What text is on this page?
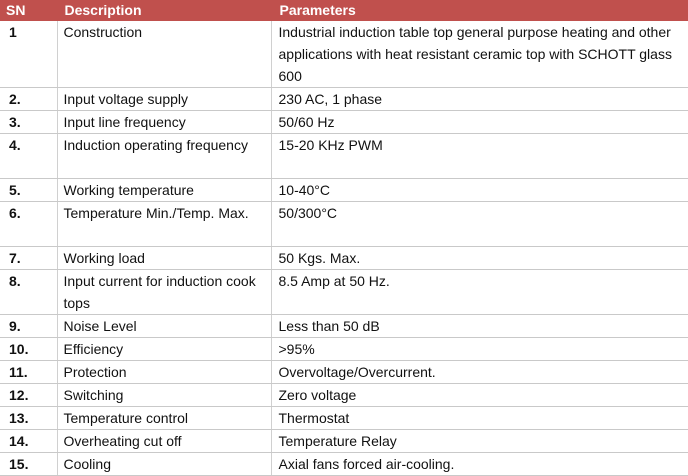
SN	Description	Parameters
1	Construction	Industrial induction table top general purpose heating and other applications with heat resistant ceramic top with SCHOTT glass 600
2.	Input voltage supply	230 AC, 1 phase
3.	Input line frequency	50/60 Hz
4.	Induction operating frequency	15-20 KHz PWM
5.	Working temperature	10-40°C
6.	Temperature Min./Temp. Max.	50/300°C
7.	Working load	50 Kgs. Max.
8.	Input current for induction cook tops	8.5 Amp at 50 Hz.
9.	Noise Level	Less than 50 dB
10.	Efficiency	>95%
11.	Protection	Overvoltage/Overcurrent.
12.	Switching	Zero voltage
13.	Temperature control	Thermostat
14.	Overheating cut off	Temperature Relay
15.	Cooling	Axial fans forced air-cooling.
